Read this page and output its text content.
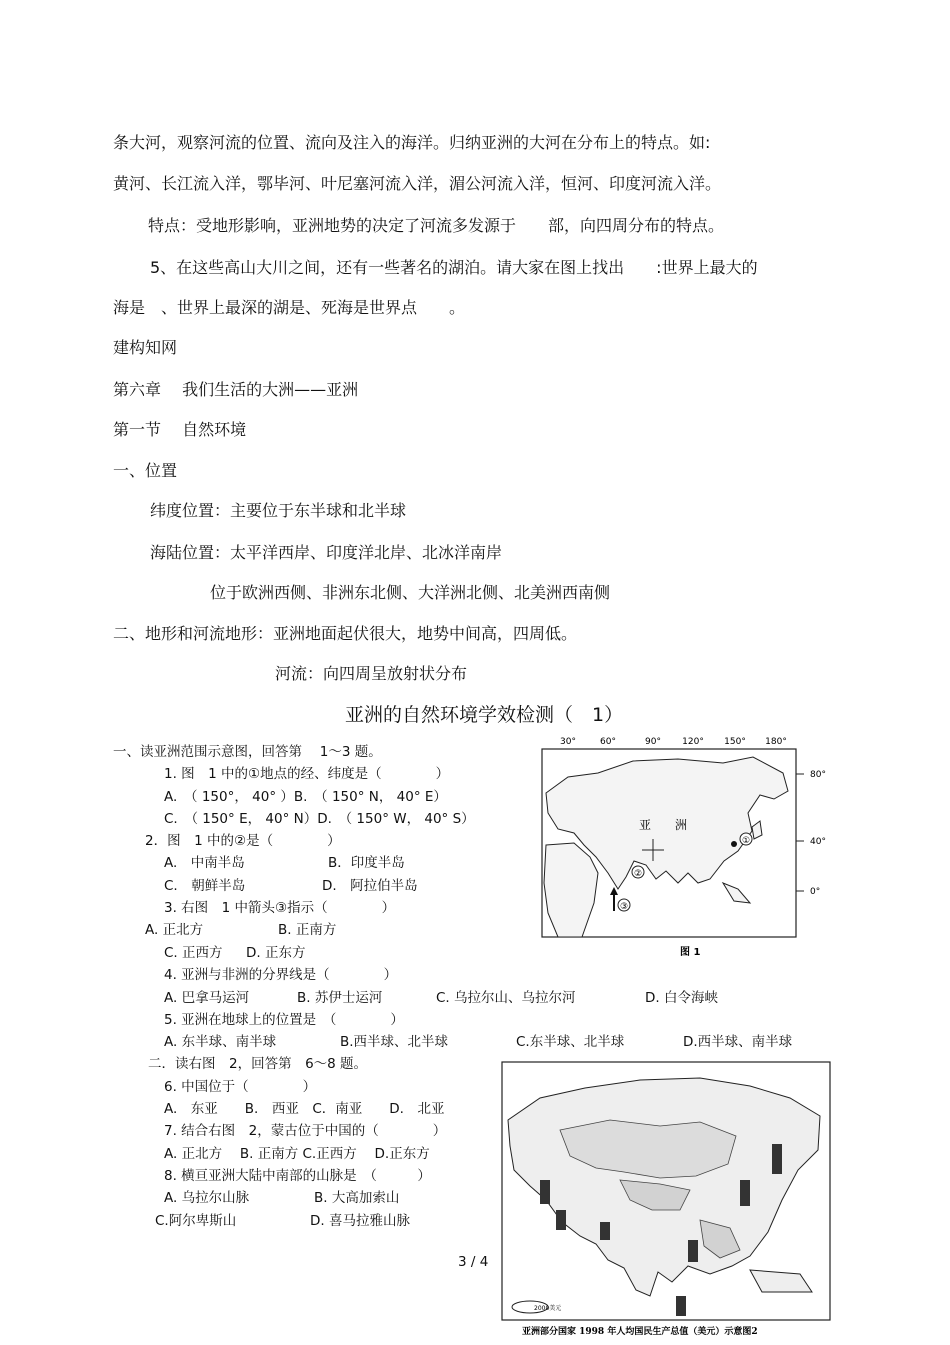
条大河，观察河流的位置、流向及注入的海洋。归纳亚洲的大河在分布上的特点。如:
黄河、长江流入洋，鄂毕河、叶尼塞河流入洋，湄公河流入洋，恒河、印度河流入洋。
特点：受地形影响，亚洲地势的决定了河流多发源于　　部，向四周分布的特点。
5、在这些高山大川之间，还有一些著名的湖泊。请大家在图上找出　　:世界上最大的
海是　、世界上最深的湖是、死海是世界点　　。
建构知网
第六章　 我们生活的大洲——亚洲
第一节　 自然环境
一、位置
纬度位置：主要位于东半球和北半球
海陆位置：太平洋西岸、印度洋北岸、北冰洋南岸
位于欧洲西侧、非洲东北侧、大洋洲北侧、北美洲西南侧
二、地形和河流地形：亚洲地面起伏很大，地势中间高，四周低。
河流：向四周呈放射状分布
亚洲的自然环境学效检测（　1）
一、读亚洲范围示意图，回答第　 1～3 题。
1. 图　1 中的①地点的经、纬度是（　　　　）
A.　（ 150°， 40° ）B.　（ 150° N， 40° E）
C.　（ 150° E， 40° N）D.　（ 150° W， 40° S）
2．图　1 中的②是（　　　　）
A.　中南半岛	B．印度半岛
C.　朝鲜半岛	D.　阿拉伯半岛
3. 右图　1 中箭头③指示（　　　　）
A. 正北方	B. 正南方
C. 正西方 D. 正东方
4. 亚洲与非洲的分界线是（　　　　）
A. 巴拿马运河	B. 苏伊士运河	C. 乌拉尔山、乌拉尔河	D. 白令海峡
5. 亚洲在地球上的位置是　（　　　　）
A. 东半球、南半球	B.西半球、北半球	C.东半球、北半球	D.西半球、南半球
二．读右图　2，回答第　6～8 题。
6. 中国位于（　　　　）
A.　东亚　　B.　西亚　C．南亚　　D.　北亚
7. 结合右图　2，蒙古位于中国的（　　　　）
A. 正北方　 B. 正南方 C.正西方　 D.正东方
8. 横亘亚洲大陆中南部的山脉是　（　　　）
A. 乌拉尔山脉	B. 大高加索山
C.阿尔卑斯山	D. 喜马拉雅山脉
30°	60°	90° 120° 150° 180°
80°
40°
0°
亚　　洲
①
②
③
图 1
2000美元
亚洲部分国家 1998 年人均国民生产总值（美元）示意图2
3 / 4
